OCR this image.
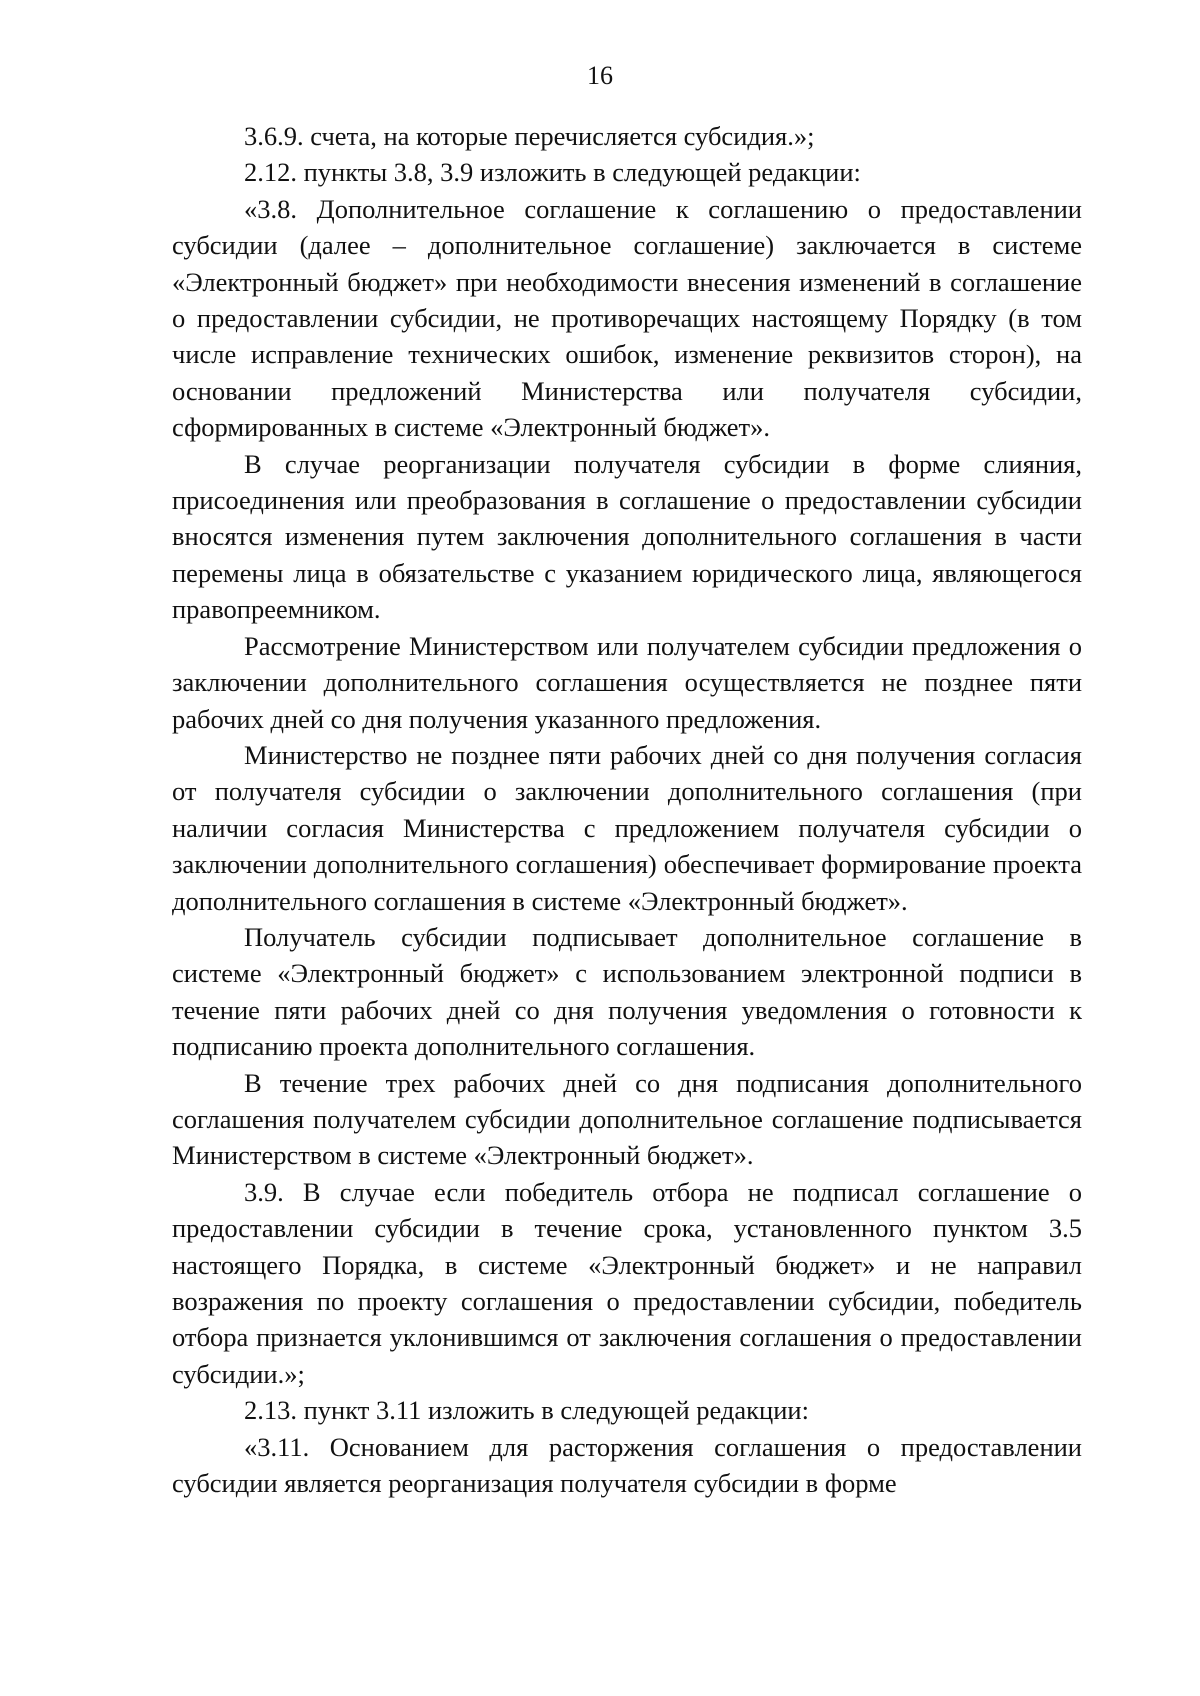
16

3.6.9. счета, на которые перечисляется субсидия.»;

2.12. пункты 3.8, 3.9 изложить в следующей редакции:

«3.8. Дополнительное соглашение к соглашению о предоставлении субсидии (далее – дополнительное соглашение) заключается в системе «Электронный бюджет» при необходимости внесения изменений в соглашение о предоставлении субсидии, не противоречащих настоящему Порядку (в том числе исправление технических ошибок, изменение реквизитов сторон), на основании предложений Министерства или получателя субсидии, сформированных в системе «Электронный бюджет».

В случае реорганизации получателя субсидии в форме слияния, присоединения или преобразования в соглашение о предоставлении субсидии вносятся изменения путем заключения дополнительного соглашения в части перемены лица в обязательстве с указанием юридического лица, являющегося правопреемником.

Рассмотрение Министерством или получателем субсидии предложения о заключении дополнительного соглашения осуществляется не позднее пяти рабочих дней со дня получения указанного предложения.

Министерство не позднее пяти рабочих дней со дня получения согласия от получателя субсидии о заключении дополнительного соглашения (при наличии согласия Министерства с предложением получателя субсидии о заключении дополнительного соглашения) обеспечивает формирование проекта дополнительного соглашения в системе «Электронный бюджет».

Получатель субсидии подписывает дополнительное соглашение в системе «Электронный бюджет» с использованием электронной подписи в течение пяти рабочих дней со дня получения уведомления о готовности к подписанию проекта дополнительного соглашения.

В течение трех рабочих дней со дня подписания дополнительного соглашения получателем субсидии дополнительное соглашение подписывается Министерством в системе «Электронный бюджет».

3.9. В случае если победитель отбора не подписал соглашение о предоставлении субсидии в течение срока, установленного пунктом 3.5 настоящего Порядка, в системе «Электронный бюджет» и не направил возражения по проекту соглашения о предоставлении субсидии, победитель отбора признается уклонившимся от заключения соглашения о предоставлении субсидии.»;

2.13. пункт 3.11 изложить в следующей редакции:

«3.11. Основанием для расторжения соглашения о предоставлении субсидии является реорганизация получателя субсидии в форме
